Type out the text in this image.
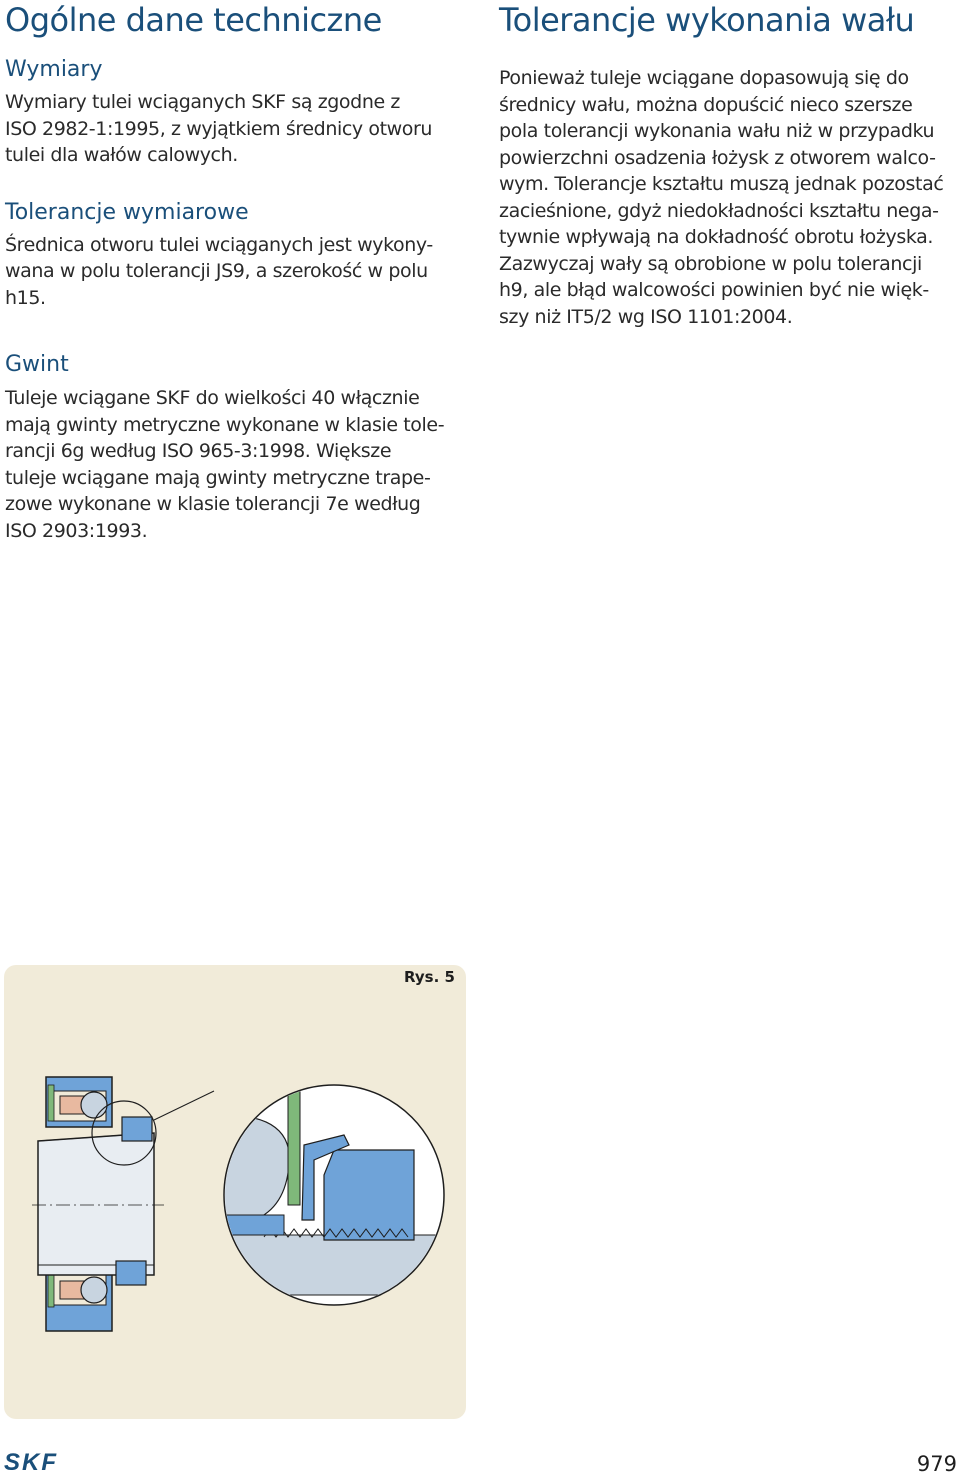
Ogólne dane techniczne
Wymiary

Wymiary tulei wciąganych SKF są zgodne z

ISO 2982-1:1995, z wyjątkiem średnicy otworu

tulei dla wałów calowych.

Tolerancje wymiarowe

Średnica otworu tulei wciąganych jest wykony-

wana w polu tolerancji JS9, a szerokość w polu

h15.

Gwint

Tuleje wciągane SKF do wielkości 40 włącznie

mają gwinty metryczne wykonane w klasie tole-

rancji 6g według ISO 965-3:1998. Większe

tuleje wciągane mają gwinty metryczne trape-

zowe wykonane w klasie tolerancji 7e według

ISO 2903:1993.

Tolerancje wykonania wału

Ponieważ tuleje wciągane dopasowują się do

średnicy wału, można dopuścić nieco szersze

pola tolerancji wykonania wału niż w przypadku

powierzchni osadzenia łożysk z otworem walco-

wym. Tolerancje kształtu muszą jednak pozostać

zacieśnione, gdyż niedokładności kształtu nega-

tywnie wpływają na dokładność obrotu łożyska.

Zazwyczaj wały są obrobione w polu tolerancji

h9, ale błąd walcowości powinien być nie więk-

szy niż IT5/2 wg ISO 1101:2004.

Rys. 5
SKF	979
